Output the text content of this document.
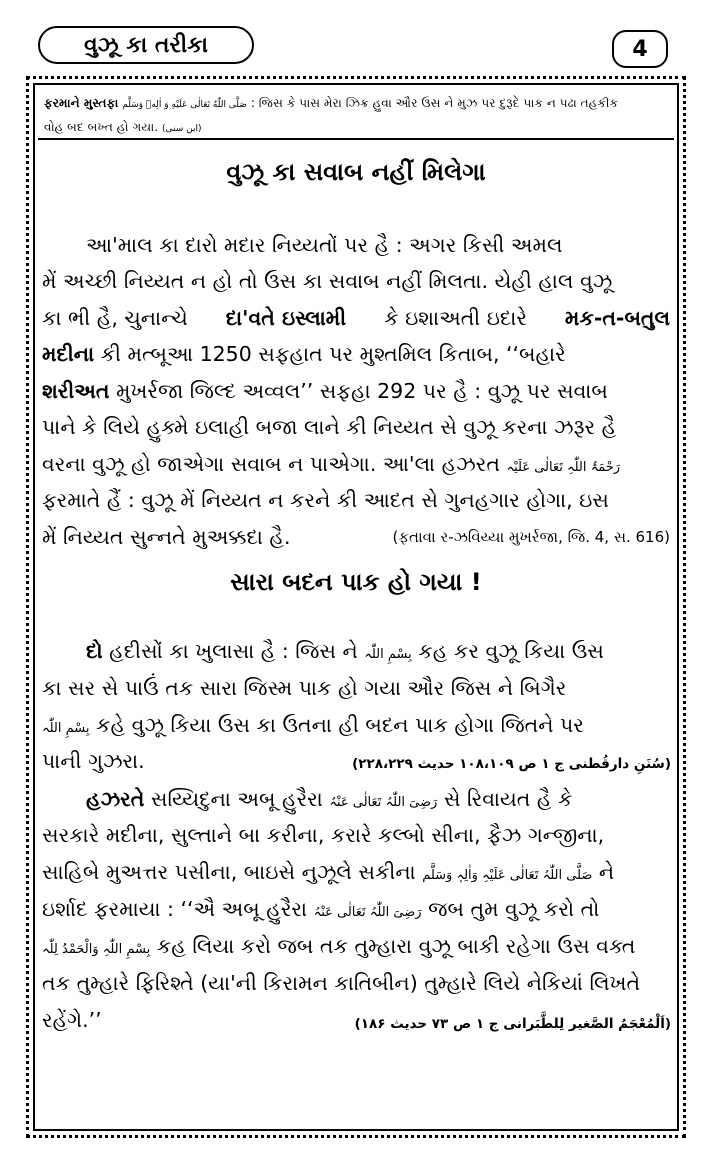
વુઝૂ કા તરીકા	4
ફરમાને મુસ્તફા صَلَّى اللّٰهُ تَعَالٰى عَلَيْهِ وَ اٰلِهٖ وَسَلَّم : જિસ કે પાસ મેરા ઝિક્ર હુવા ઔર ઉસ ને મુઝ પર દુરૂદે પાક ન પઢા તહકીક
વોહ બદ બખ્ત હો ગયા. (ابن سنی)
વુઝૂ કા સવાબ નહીં મિલેગા
આ'માલ કા દારો મદાર નિય્યતોં પર હૈ : અગર કિસી અમલ
મેં અચ્છી નિય્યત ન હો તો ઉસ કા સવાબ નહીં મિલતા. યેહી હાલ વુઝૂ
કા ભી હૈ, ચુનાન્ચે દા'વતે ઇસ્લામી કે ઇશાઅતી ઇદારે મક-ત-બતુલ
મદીના કી મત્બૂઆ 1250 સફહાત પર મુશ્તમિલ કિતાબ, ‘‘બહારે
શરીઅત મુખર્રજા જિલ્દ અવ્વલ’’ સફહા 292 પર હૈ : વુઝૂ પર સવાબ
પાને કે લિયે હુક્મે ઇલાહી બજા લાને કી નિય્યત સે વુઝૂ કરના ઝરૂર હૈ
વરના વુઝૂ હો જાએગા સવાબ ન પાએગા. આ'લા હઝરત رَحْمَۃُ اللّٰہِ تَعَالٰی عَلَیْہ
ફરમાતે હૈં : વુઝૂ મેં નિય્યત ન કરને કી આદત સે ગુનહગાર હોગા, ઇસ
મેં નિય્યત સુન્નતે મુઅક્કદા હૈ.	(ફતાવા ર-ઝવિય્યા મુખર્રજા, જિ. 4, સ. 616)
સારા બદન પાક હો ગયા !
દો હદીસોં કા ખુલાસા હૈ : જિસ ને بِسْمِ اللّٰہ કહ કર વુઝૂ કિયા ઉસ
કા સર સે પાઉં તક સારા જિસ્મ પાક હો ગયા ઔર જિસ ને બિગૈર
بِسْمِ اللّٰہ કહે વુઝૂ કિયા ઉસ કા ઉતના હી બદન પાક હોગા જિતને પર
પાની ગુઝરા.	(سُنَنِ دارقُطنی ج ۱ ص ۱۰۸،۱۰۹ حدیث ۲۲۸،۲۲۹)
હઝરતે સય્યિદુના અબૂ હુરૈરા رَضِیَ اللّٰہُ تَعَالٰی عَنْہُ સે રિવાયત હૈ કે
સરકારે મદીના, સુલ્તાને બા કરીના, કરારે કલ્બો સીના, ફૈઝ ગન્જીના,
સાહિબે મુઅત્તર પસીના, બાઇસે નુઝૂલે સકીના صَلَّی اللّٰہُ تَعَالٰی عَلَیْہِ وَاٰلِہٖ وَسَلَّم ને
ઇર્શાદ ફરમાયા : ‘‘ઐ અબૂ હુરૈરા رَضِیَ اللّٰہُ تَعَالٰی عَنْہُ જબ તુમ વુઝૂ કરો તો
بِسْمِ اللّٰہِ وَالْحَمْدُ لِلّٰہ કહ લિયા કરો જબ તક તુમ્હારા વુઝૂ બાકી રહેગા ઉસ વક્ત
તક તુમ્હારે ફિરિશ્તે (યા'ની કિરામન કાતિબીન) તુમ્હારે લિયે નેકિયાં લિખતે
રહેંગે.’’	(اَلْمُعْجَمُ الصَّغیر لِلطَّبَرانی ج ۱ ص ۷۳ حدیث ۱۸۶)
